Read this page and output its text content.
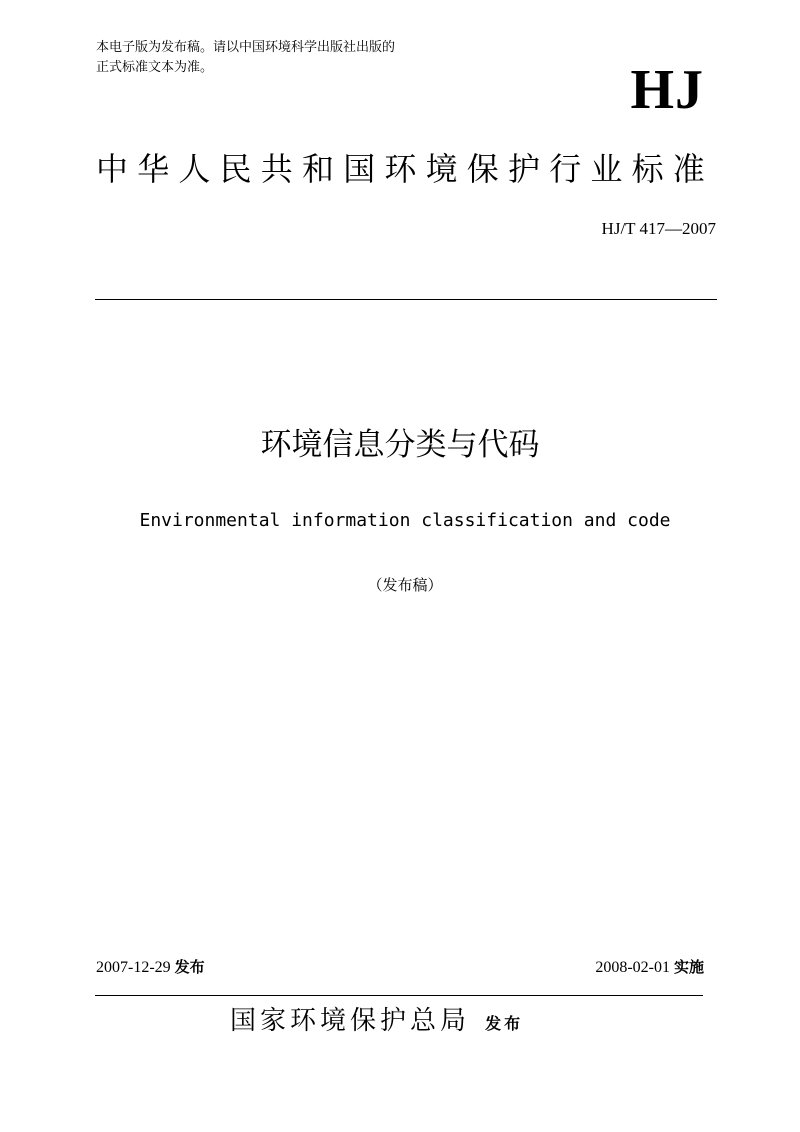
本电子版为发布稿。请以中国环境科学出版社出版的
正式标准文本为准。	HJ
中华人民共和国环境保护行业标准
HJ/T 417—2007
环境信息分类与代码
Environmental information classification and code
（发布稿）
2007-12-29 发布	2008-02-01 实施
国家环境保护总局 发布
